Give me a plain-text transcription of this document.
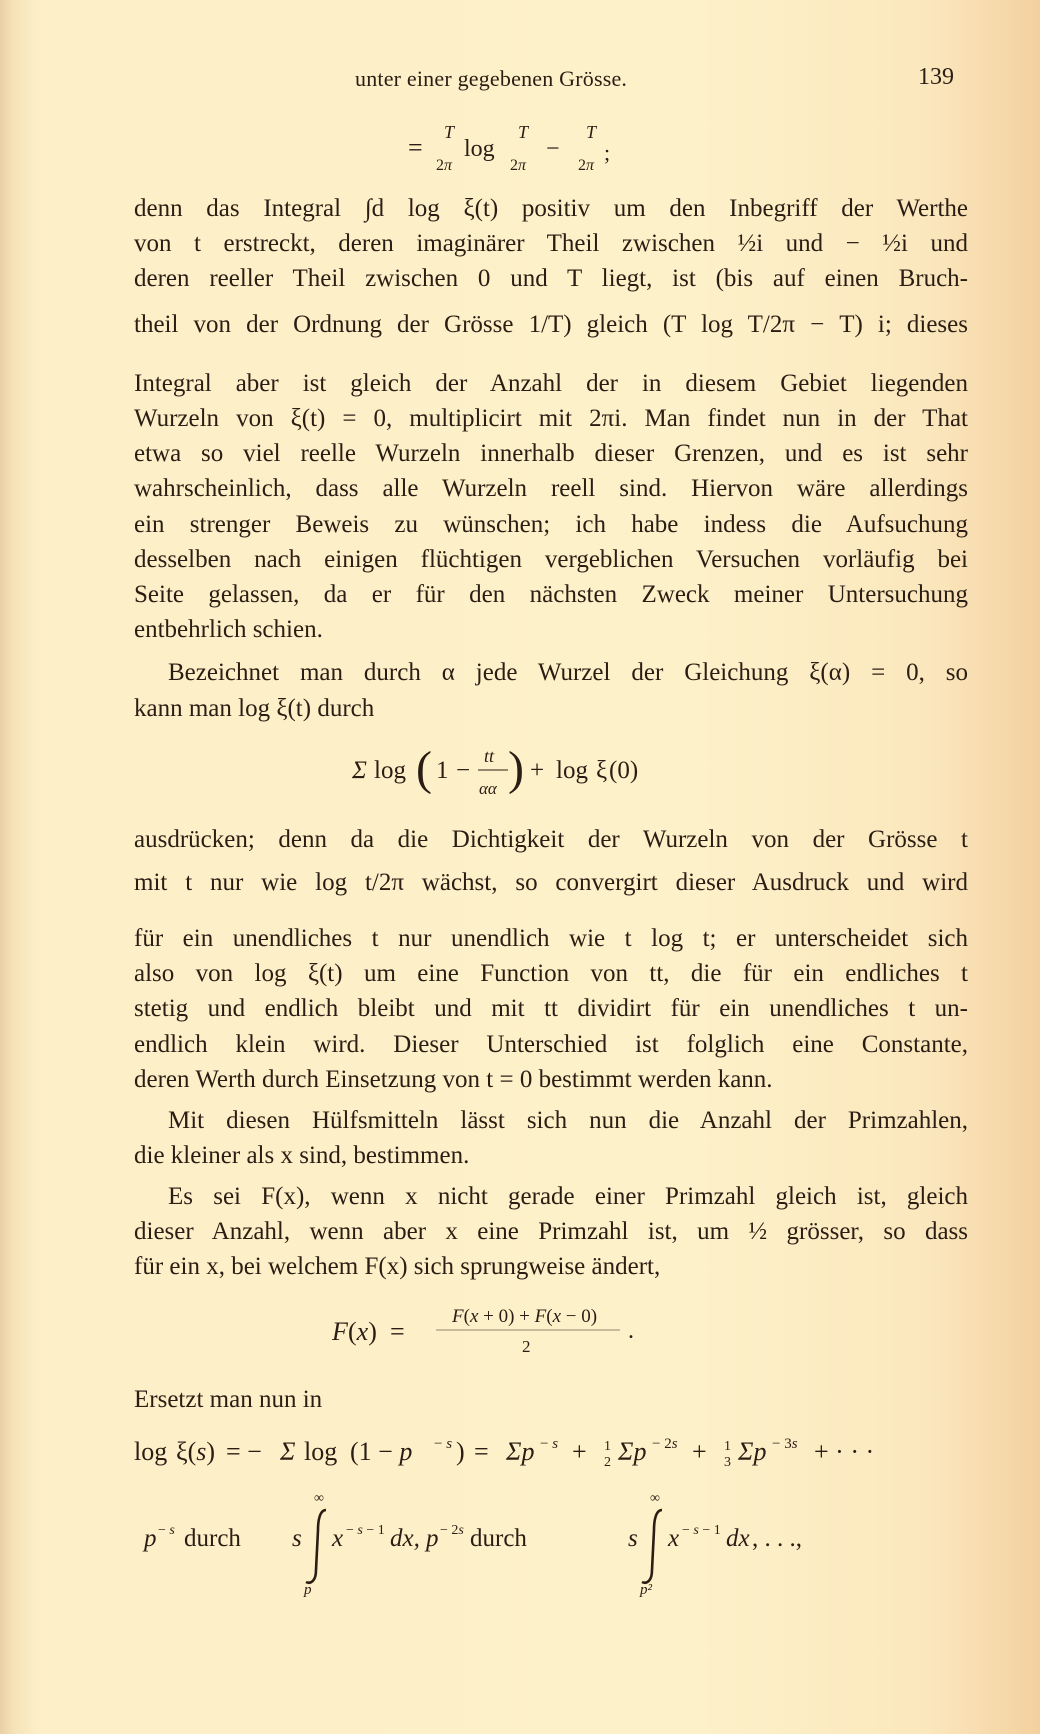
unter einer gegebenen Grösse.	139
=
T
2π
log
T
2π
−
T
2π
;
denn das Integral ∫d log ξ(t) positiv um den Inbegriff der Werthe
von t erstreckt, deren imaginärer Theil zwischen ½i und − ½i und
deren reeller Theil zwischen 0 und T liegt, ist (bis auf einen Bruch-
theil von der Ordnung der Grösse 1/T) gleich (T log T/2π − T) i; dieses
Integral aber ist gleich der Anzahl der in diesem Gebiet liegenden
Wurzeln von ξ(t) = 0, multiplicirt mit 2πi. Man findet nun in der That
etwa so viel reelle Wurzeln innerhalb dieser Grenzen, und es ist sehr
wahrscheinlich, dass alle Wurzeln reell sind. Hiervon wäre allerdings
ein strenger Beweis zu wünschen; ich habe indess die Aufsuchung
desselben nach einigen flüchtigen vergeblichen Versuchen vorläufig bei
Seite gelassen, da er für den nächsten Zweck meiner Untersuchung
entbehrlich schien.
Bezeichnet man durch α jede Wurzel der Gleichung ξ(α) = 0, so
kann man log ξ(t) durch
Σ log ( 1 −
tt
αα ) + log ξ (0)
ausdrücken; denn da die Dichtigkeit der Wurzeln von der Grösse t
mit t nur wie log t/2π wächst, so convergirt dieser Ausdruck und wird
für ein unendliches t nur unendlich wie t log t; er unterscheidet sich
also von log ξ(t) um eine Function von tt, die für ein endliches t
stetig und endlich bleibt und mit tt dividirt für ein unendliches t un-
endlich klein wird. Dieser Unterschied ist folglich eine Constante,
deren Werth durch Einsetzung von t = 0 bestimmt werden kann.
Mit diesen Hülfsmitteln lässt sich nun die Anzahl der Primzahlen,
die kleiner als x sind, bestimmen.
Es sei F(x), wenn x nicht gerade einer Primzahl gleich ist, gleich
dieser Anzahl, wenn aber x eine Primzahl ist, um ½ grösser, so dass
für ein x, bei welchem F(x) sich sprungweise ändert,
F (x) =
F(x + 0) + F(x − 0)
2
.
Ersetzt man nun in
log ξ(s) = − Σ log (1 − p − s ) = Σp − s + 1
2 Σp − 2s + 1
3 Σp − 3s + · · ·
p − s durch s
∞
p
x − s − 1 dx, p − 2s durch	s
∞
p²
x − s − 1 dx , . . .,
